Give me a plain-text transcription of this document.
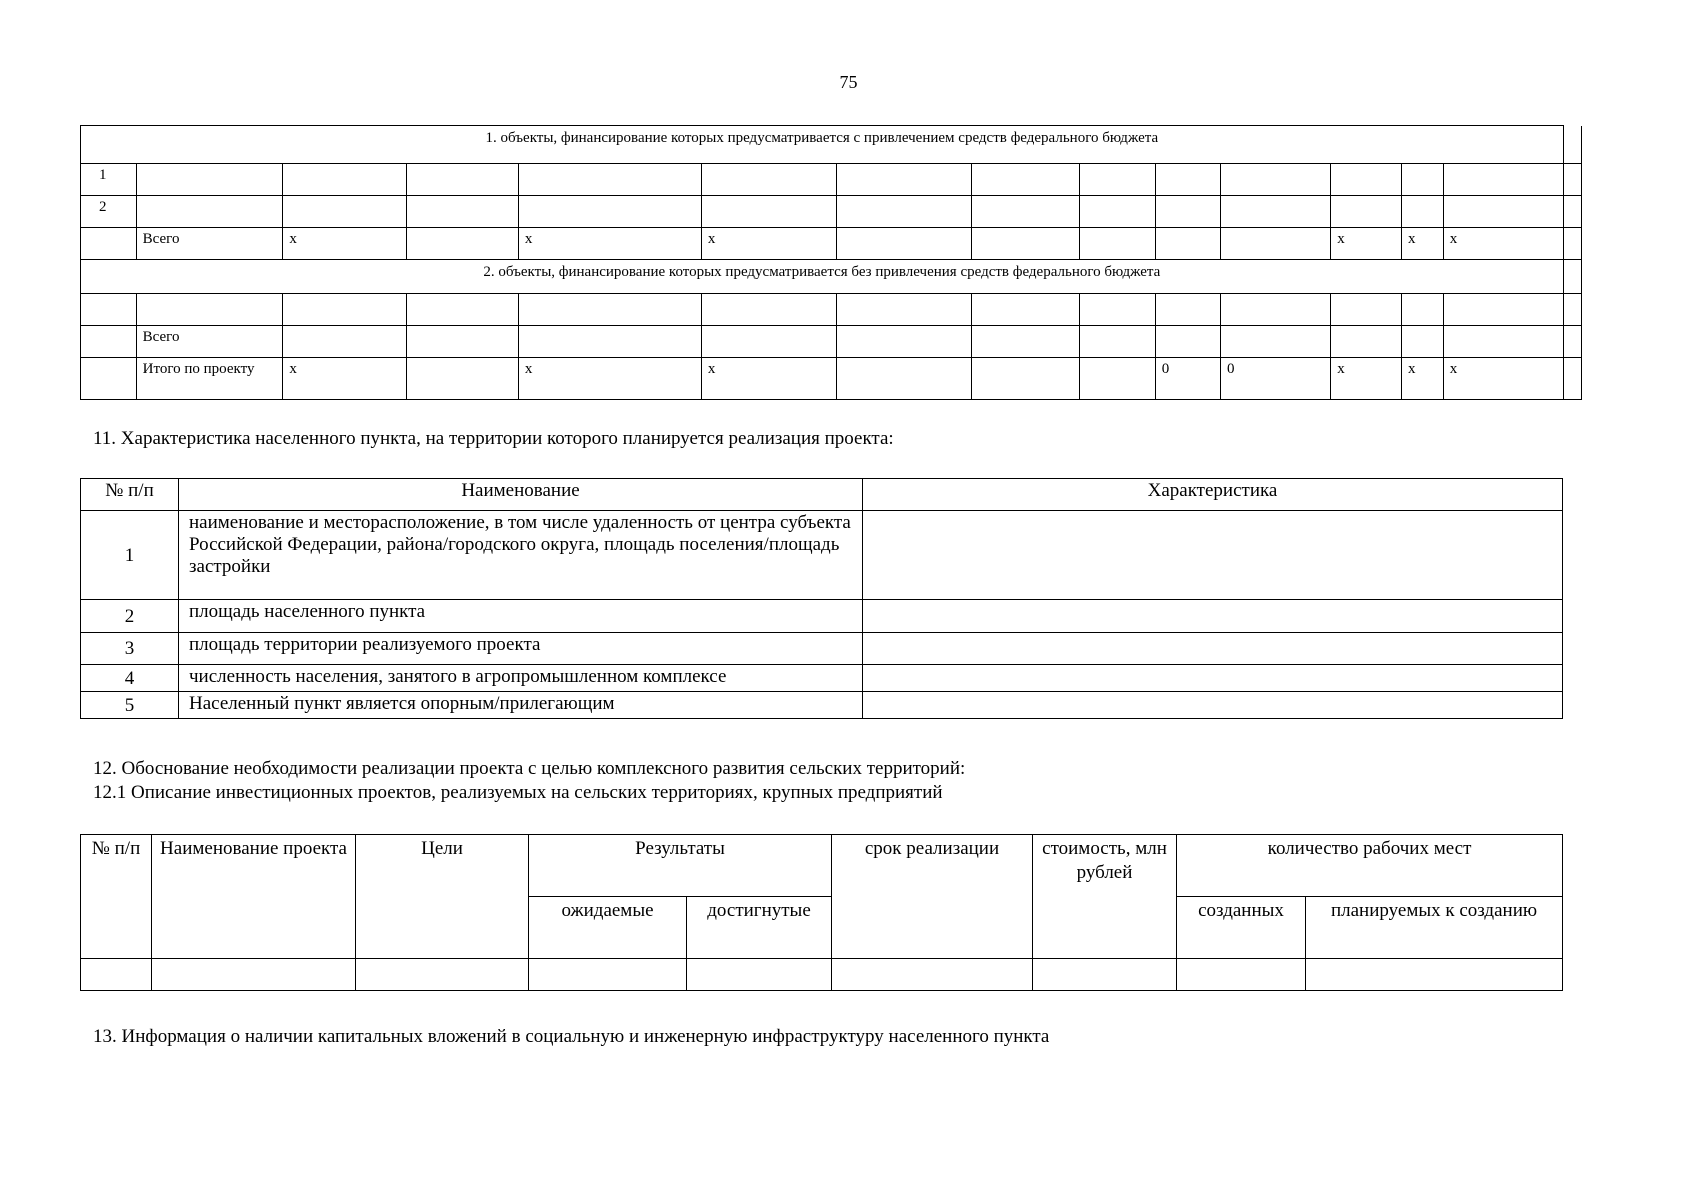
75
1. объекты, финансирование которых предусматривается с привлечением средств федерального бюджета														
1														
2														
	Всего	х		х	х						х	х	х	
2. объекты, финансирование которых предусматривается без привлечения средств федерального бюджета														

	Всего													
	Итого по проекту	х		х	х				0	0	х	х	х	
11. Характеристика населенного пункта, на территории которого планируется реализация проекта:
№ п/п	Наименование	Характеристика
1	наименование и месторасположение, в том числе удаленность от центра субъекта Российской Федерации, района/городского округа, площадь поселения/площадь застройки	
2	площадь населенного пункта	
3	площадь территории реализуемого проекта	
4	численность населения, занятого в агропромышленном комплексе	
5	Населенный пункт является опорным/прилегающим	
12. Обоснование необходимости реализации проекта с целью комплексного развития сельских территорий:
12.1 Описание инвестиционных проектов, реализуемых на сельских территориях, крупных предприятий
№ п/п	Наименование проекта	Цели	Результаты		срок реализации	стоимость, млн рублей	количество рабочих мест	
			ожидаемые	достигнутые			созданных	планируемых к созданию

13. Информация о наличии капитальных вложений в социальную и инженерную инфраструктуру населенного пункта
